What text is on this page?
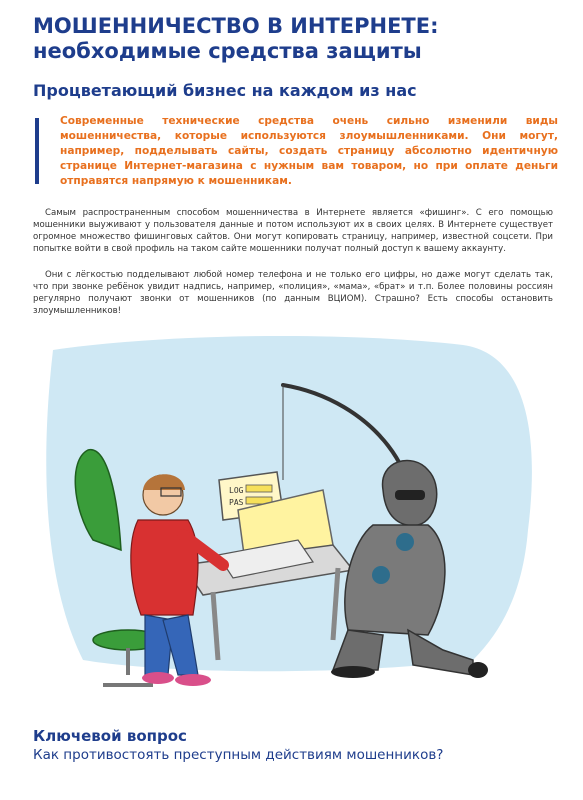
МОШЕННИЧЕСТВО В ИНТЕРНЕТЕ:
необходимые средства защиты
Процветающий бизнес на каждом из нас

Современные технические средства очень сильно изменили виды мошенничества, которые используются злоумышленниками. Они могут, например, подделывать сайты, создать страницу абсолютно идентичную странице Интернет-магазина с нужным вам товаром, но при оплате деньги отправятся напрямую к мошенникам.

Самым распространенным способом мошенничества в Интернете является «фишинг». С его помощью мошенники выуживают у пользователя данные и потом используют их в своих целях. В Интернете существует огромное множество фишинговых сайтов. Они могут копировать страницу, например, известной соцсети. При попытке войти в свой профиль на таком сайте мошенники получат полный доступ к вашему аккаунту.

Они с лёгкостью подделывают любой номер телефона и не только его цифры, но даже могут сделать так, что при звонке ребёнок увидит надпись, например, «полиция», «мама», «брат» и т.п. Более половины россиян регулярно получают звонки от мошенников (по данным ВЦИОМ). Страшно? Есть способы остановить злоумышленников!

LOG
PAS
Ключевой вопрос

Как противостоять преступным действиям мошенников?
